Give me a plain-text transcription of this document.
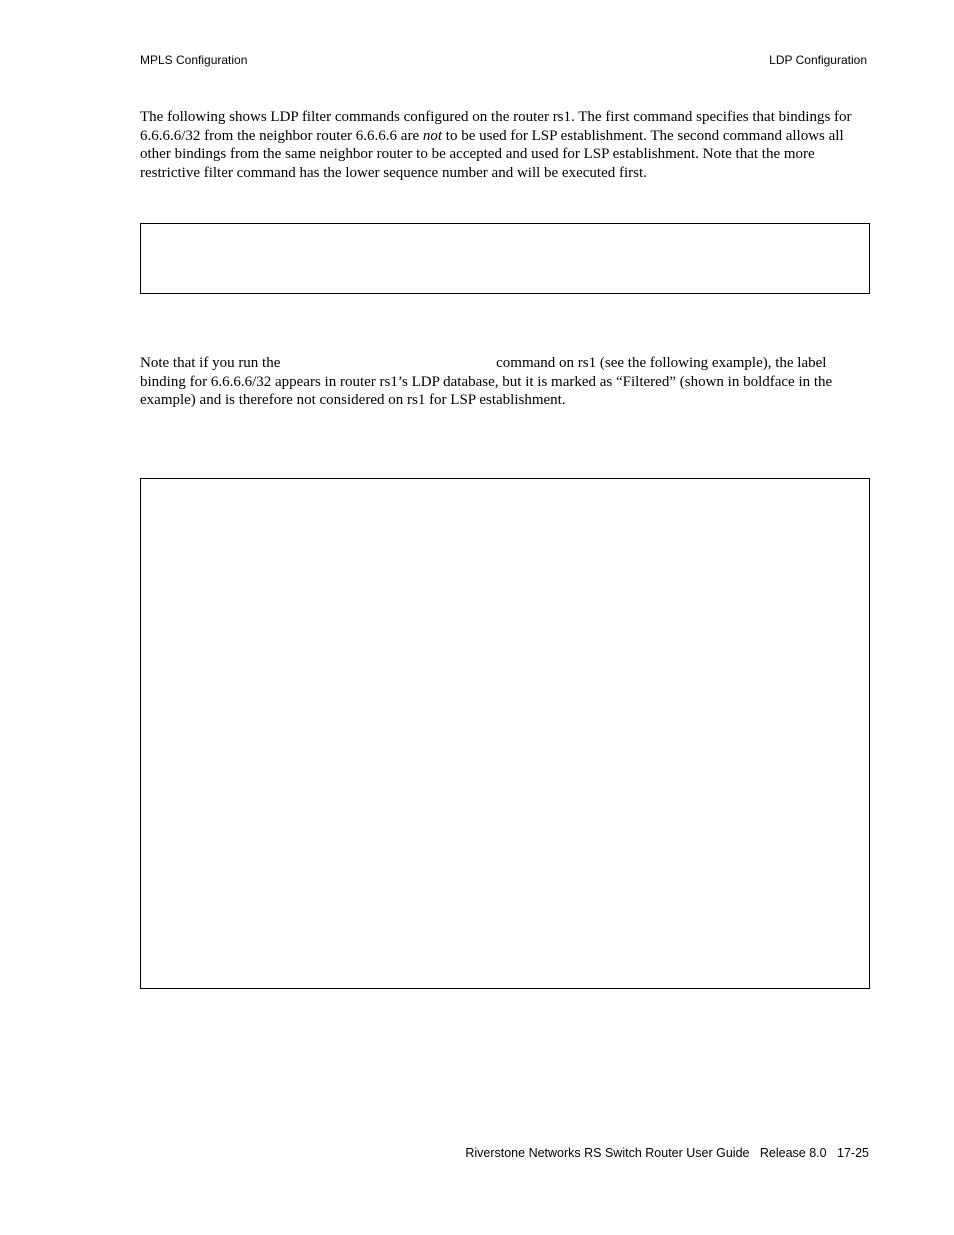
MPLS Configuration	LDP Configuration
The following shows LDP filter commands configured on the router rs1. The first command specifies that bindings for 6.6.6.6/32 from the neighbor router 6.6.6.6 are not to be used for LSP establishment. The second command allows all other bindings from the same neighbor router to be accepted and used for LSP establishment. Note that the more restrictive filter command has the lower sequence number and will be executed first.
Note that if you run the	command on rs1 (see the following example), the label binding for 6.6.6.6/32 appears in router rs1’s LDP database, but it is marked as “Filtered” (shown in boldface in the example) and is therefore not considered on rs1 for LSP establishment.
Riverstone Networks RS Switch Router User Guide   Release 8.0   17-25
